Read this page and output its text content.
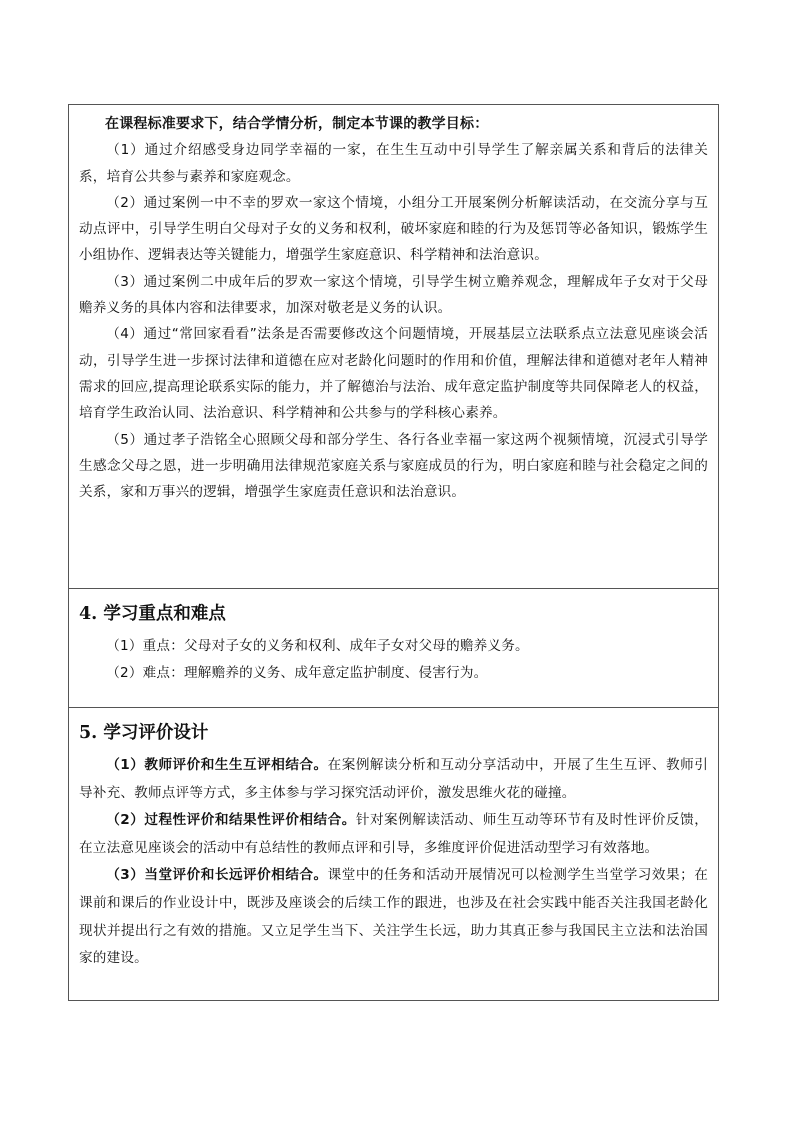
在课程标准要求下，结合学情分析，制定本节课的教学目标：

（1）通过介绍感受身边同学幸福的一家，在生生互动中引导学生了解亲属关系和背后的法律关系，培育公共参与素养和家庭观念。

（2）通过案例一中不幸的罗欢一家这个情境，小组分工开展案例分析解读活动，在交流分享与互动点评中，引导学生明白父母对子女的义务和权利，破坏家庭和睦的行为及惩罚等必备知识，锻炼学生小组协作、逻辑表达等关键能力，增强学生家庭意识、科学精神和法治意识。

（3）通过案例二中成年后的罗欢一家这个情境，引导学生树立赡养观念，理解成年子女对于父母赡养义务的具体内容和法律要求，加深对敬老是义务的认识。

（4）通过“常回家看看”法条是否需要修改这个问题情境，开展基层立法联系点立法意见座谈会活动，引导学生进一步探讨法律和道德在应对老龄化问题时的作用和价值，理解法律和道德对老年人精神需求的回应,提高理论联系实际的能力，并了解德治与法治、成年意定监护制度等共同保障老人的权益，培育学生政治认同、法治意识、科学精神和公共参与的学科核心素养。

（5）通过孝子浩铭全心照顾父母和部分学生、各行各业幸福一家这两个视频情境，沉浸式引导学生感念父母之恩，进一步明确用法律规范家庭关系与家庭成员的行为，明白家庭和睦与社会稳定之间的关系，家和万事兴的逻辑，增强学生家庭责任意识和法治意识。

4. 学习重点和难点

（1）重点：父母对子女的义务和权利、成年子女对父母的赡养义务。

（2）难点：理解赡养的义务、成年意定监护制度、侵害行为。

5. 学习评价设计

（1）教师评价和生生互评相结合。在案例解读分析和互动分享活动中，开展了生生互评、教师引导补充、教师点评等方式，多主体参与学习探究活动评价，激发思维火花的碰撞。

（2）过程性评价和结果性评价相结合。针对案例解读活动、师生互动等环节有及时性评价反馈，在立法意见座谈会的活动中有总结性的教师点评和引导，多维度评价促进活动型学习有效落地。

（3）当堂评价和长远评价相结合。课堂中的任务和活动开展情况可以检测学生当堂学习效果；在课前和课后的作业设计中，既涉及座谈会的后续工作的跟进，也涉及在社会实践中能否关注我国老龄化现状并提出行之有效的措施。又立足学生当下、关注学生长远，助力其真正参与我国民主立法和法治国家的建设。
